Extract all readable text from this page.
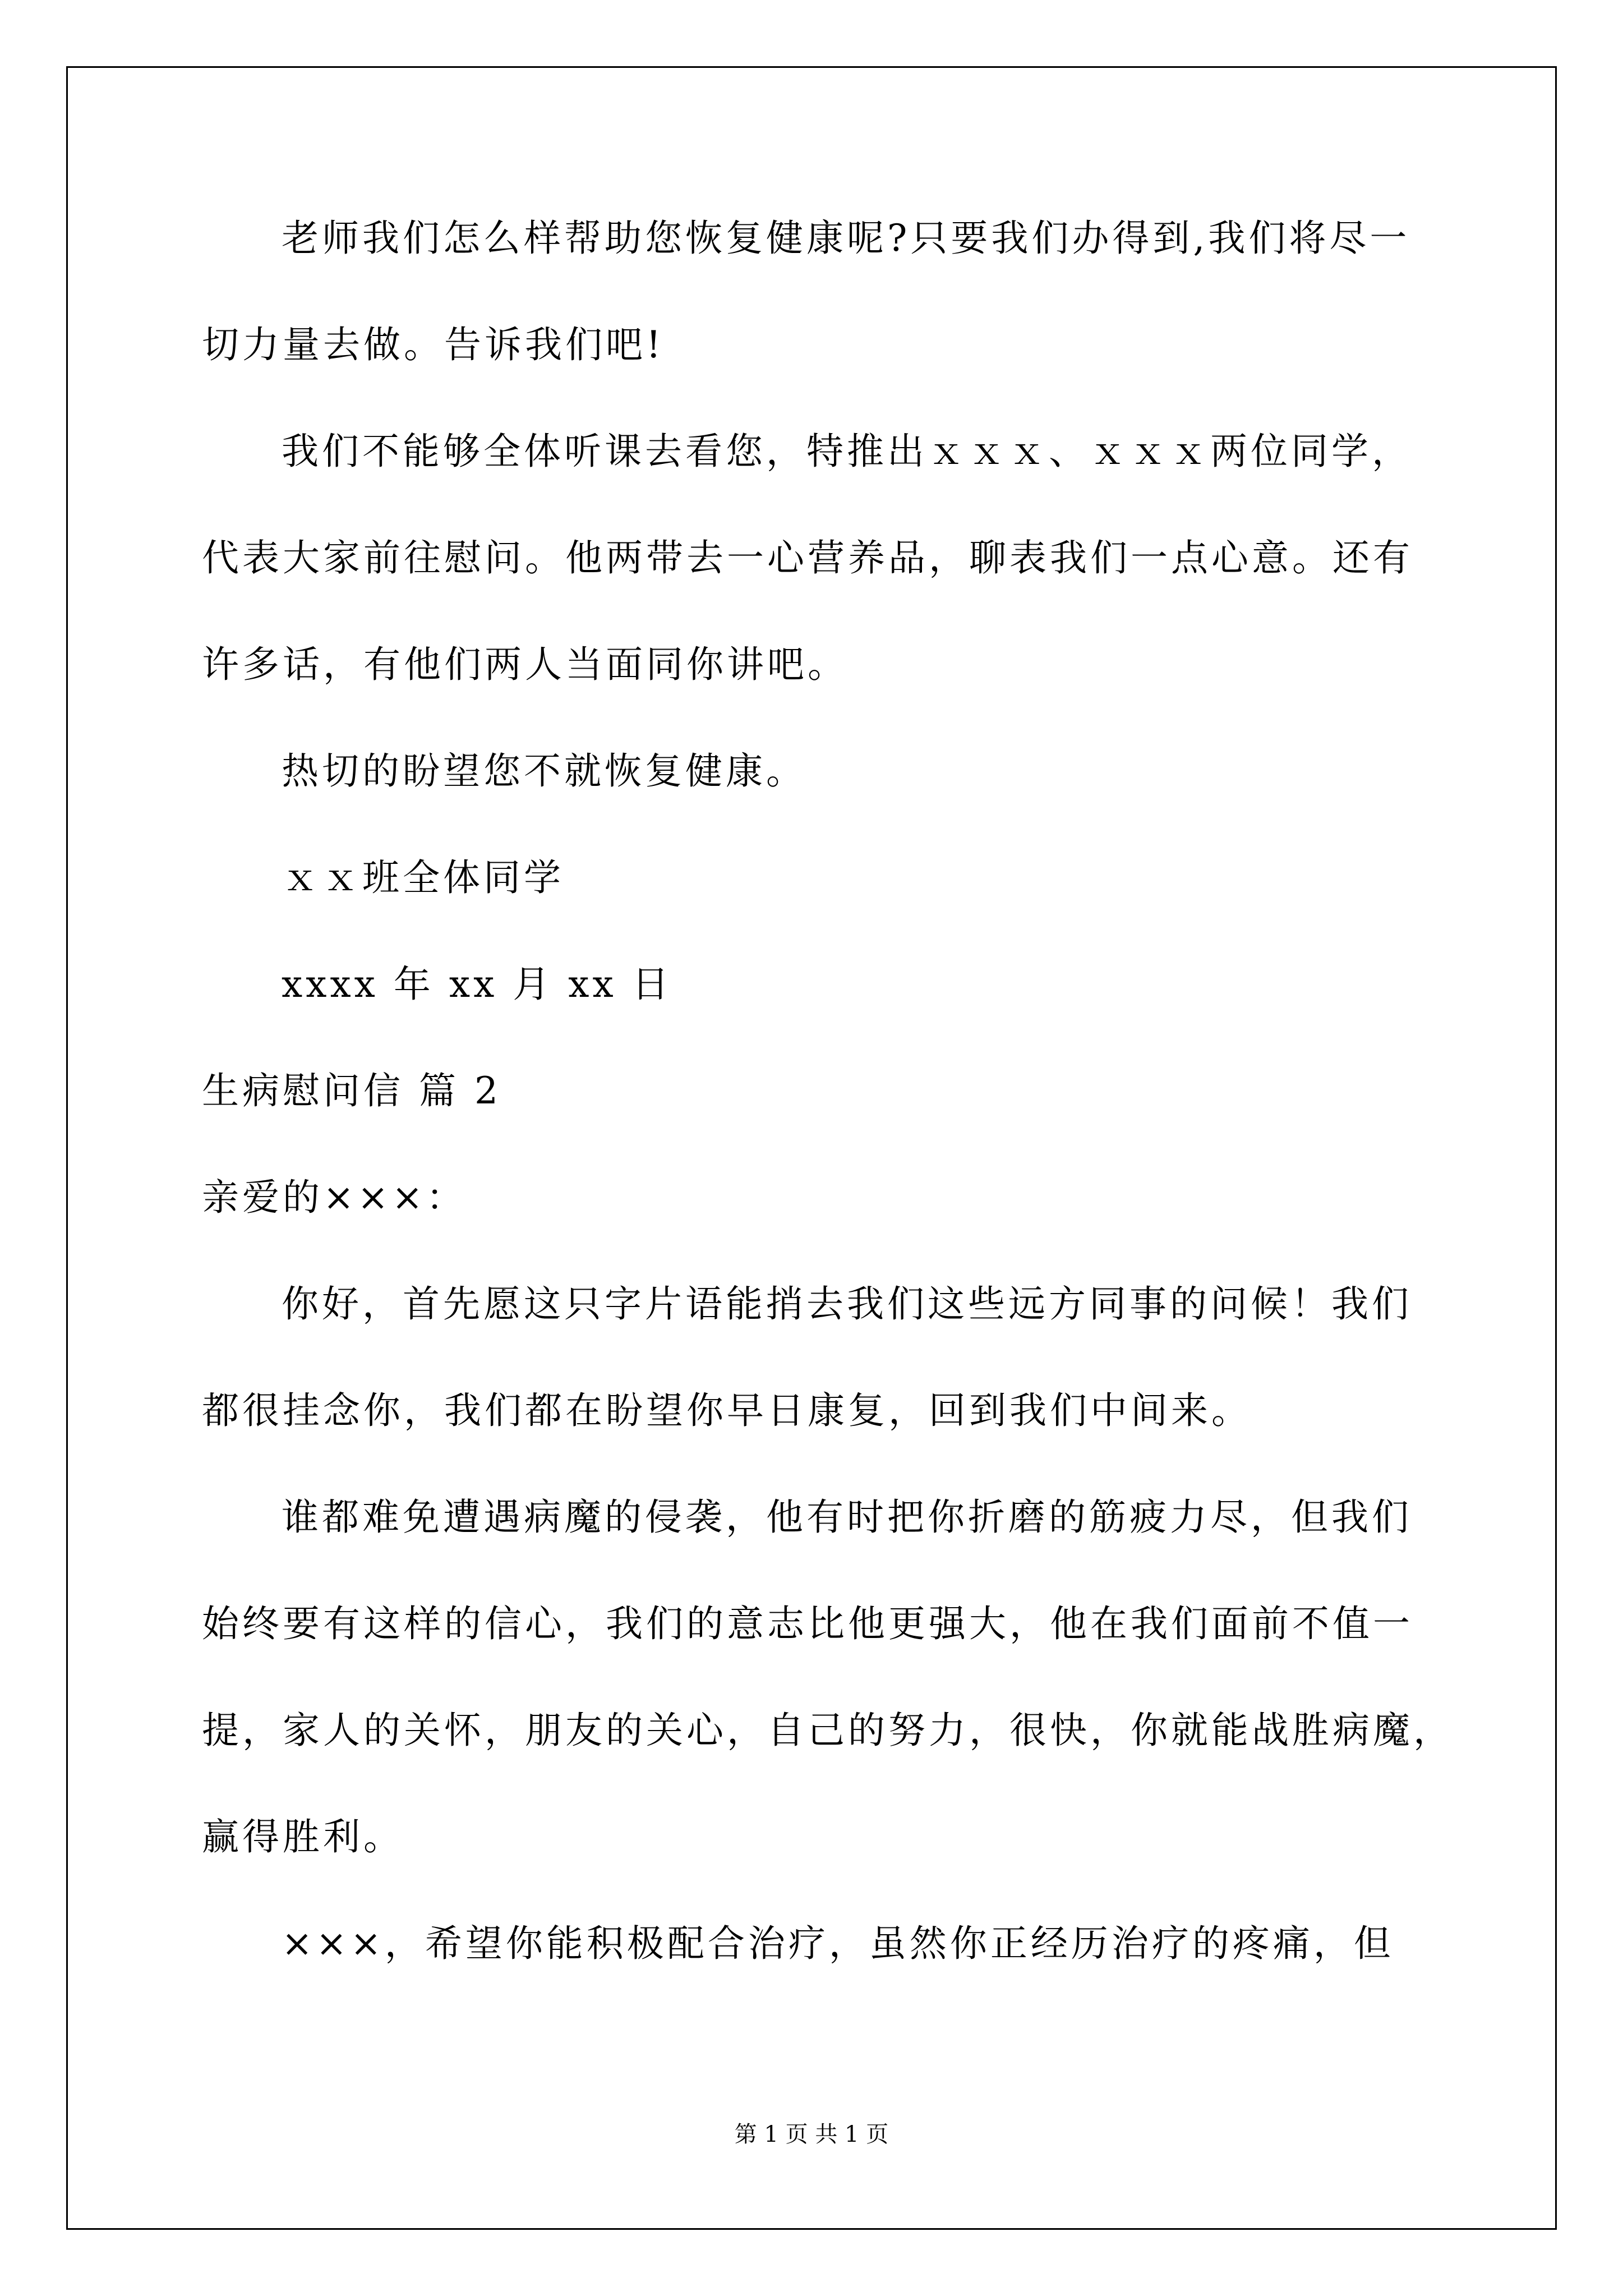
老师我们怎么样帮助您恢复健康呢?只要我们办得到,我们将尽一
切力量去做。告诉我们吧!
我们不能够全体听课去看您，特推出ｘｘｘ、ｘｘｘ两位同学，
代表大家前往慰问。他两带去一心营养品，聊表我们一点心意。还有
许多话，有他们两人当面同你讲吧。
热切的盼望您不就恢复健康。
ｘｘ班全体同学
xxxx 年 xx 月 xx 日
生病慰问信 篇 2
亲爱的×××：
你好，首先愿这只字片语能捎去我们这些远方同事的问候！我们
都很挂念你，我们都在盼望你早日康复，回到我们中间来。
谁都难免遭遇病魔的侵袭，他有时把你折磨的筋疲力尽，但我们
始终要有这样的信心，我们的意志比他更强大，他在我们面前不值一
提，家人的关怀，朋友的关心，自己的努力，很快，你就能战胜病魔，
赢得胜利。
×××，希望你能积极配合治疗，虽然你正经历治疗的疼痛，但
第 1 页 共 1 页
